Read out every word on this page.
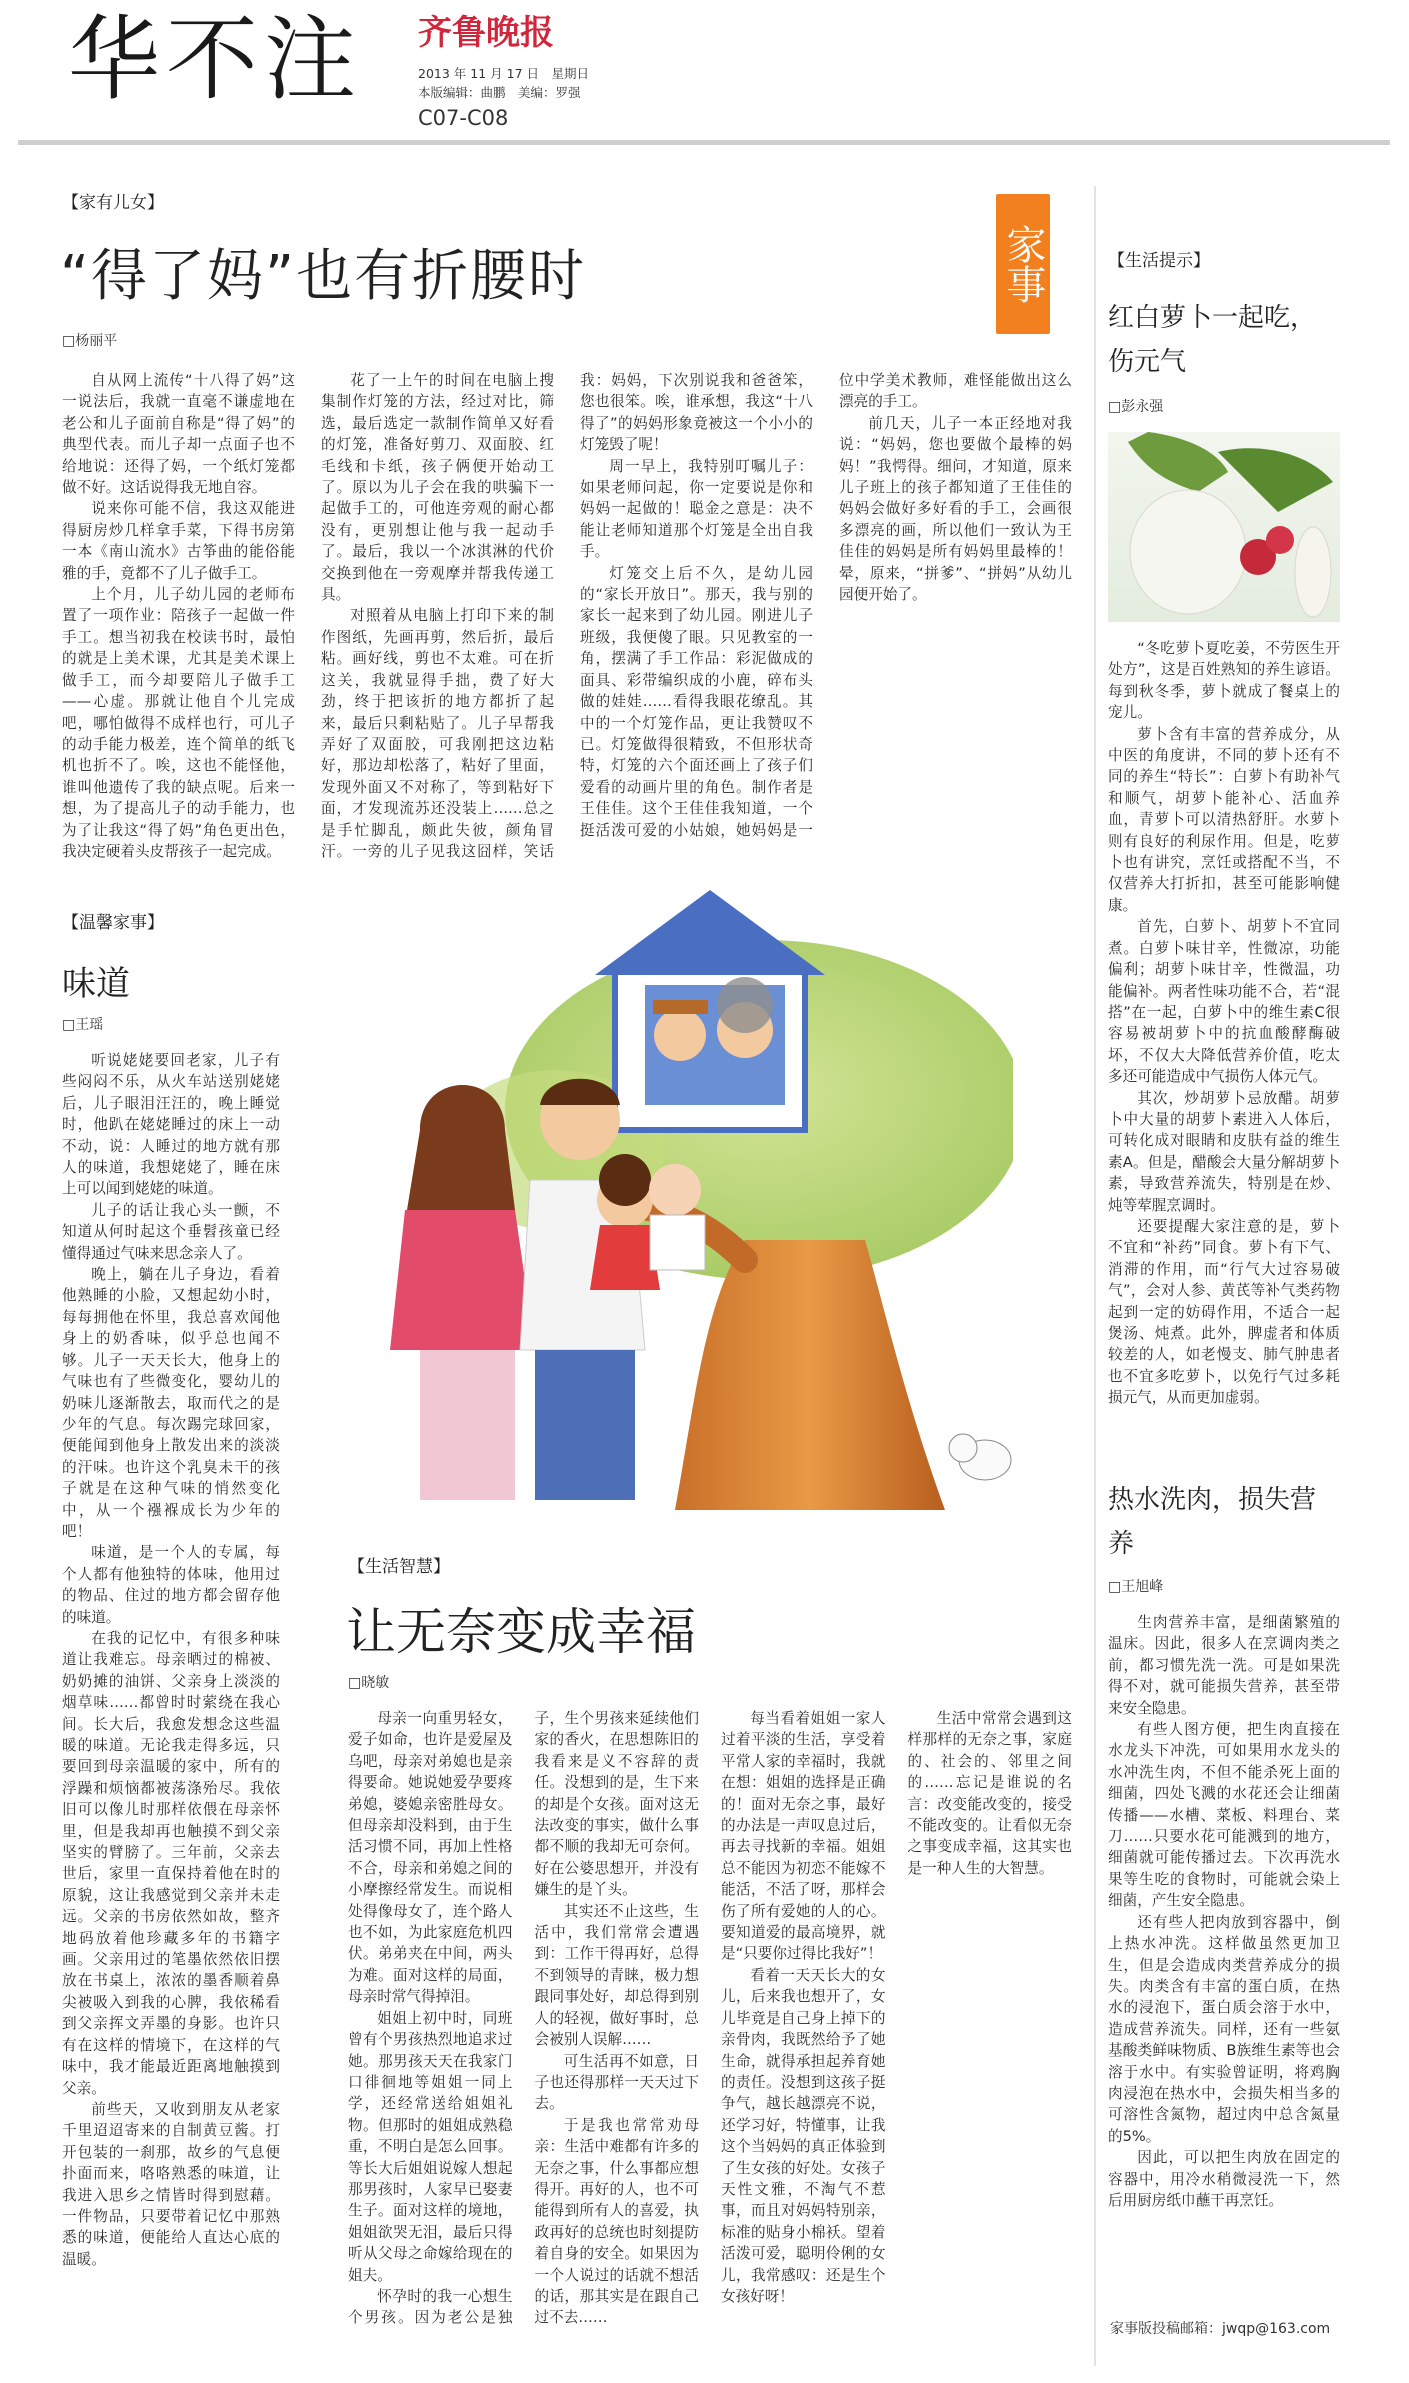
华不注 齐鲁晚报
2013 年 11 月 17 日　星期日
本版编辑：曲鹏　美编：罗强
C07-C08
家事
【家有儿女】
“得了妈”也有折腰时
□杨丽平

自从网上流传“十八得了妈”这一说法后，我就一直毫不谦虚地在老公和儿子面前自称是“得了妈”的典型代表。而儿子却一点面子也不给地说：还得了妈，一个纸灯笼都做不好。这话说得我无地自容。

说来你可能不信，我这双能进得厨房炒几样拿手菜，下得书房第一本《南山流水》古筝曲的能俗能雅的手，竟都不了儿子做手工。

上个月，儿子幼儿园的老师布置了一项作业：陪孩子一起做一件手工。想当初我在校读书时，最怕的就是上美术课，尤其是美术课上做手工，而今却要陪儿子做手工——心虚。那就让他自个儿完成吧，哪怕做得不成样也行，可儿子的动手能力极差，连个简单的纸飞机也折不了。唉，这也不能怪他，谁叫他遗传了我的缺点呢。后来一想，为了提高儿子的动手能力，也为了让我这“得了妈”角色更出色，我决定硬着头皮帮孩子一起完成。

花了一上午的时间在电脑上搜集制作灯笼的方法，经过对比，筛选，最后选定一款制作简单又好看的灯笼，准备好剪刀、双面胶、红毛线和卡纸，孩子俩便开始动工了。原以为儿子会在我的哄骗下一起做手工的，可他连旁观的耐心都没有，更别想让他与我一起动手了。最后，我以一个冰淇淋的代价交换到他在一旁观摩并帮我传递工具。

对照着从电脑上打印下来的制作图纸，先画再剪，然后折，最后粘。画好线，剪也不太难。可在折这关，我就显得手拙，费了好大劲，终于把该折的地方都折了起来，最后只剩粘贴了。儿子早帮我弄好了双面胶，可我刚把这边粘好，那边却松落了，粘好了里面，发现外面又不对称了，等到粘好下面，才发现流苏还没装上……总之是手忙脚乱，颇此失彼，颜角冒汗。一旁的儿子见我这囧样，笑话我：妈妈，下次别说我和爸爸笨，您也很笨。唉，谁承想，我这“十八得了”的妈妈形象竟被这一个小小的灯笼毁了呢！

周一早上，我特别叮嘱儿子：如果老师问起，你一定要说是你和妈妈一起做的！聪金之意是：决不能让老师知道那个灯笼是全出自我手。

灯笼交上后不久，是幼儿园的“家长开放日”。那天，我与别的家长一起来到了幼儿园。刚进儿子班级，我便傻了眼。只见教室的一角，摆满了手工作品：彩泥做成的面具、彩带编织成的小鹿，碎布头做的娃娃……看得我眼花缭乱。其中的一个灯笼作品，更让我赞叹不已。灯笼做得很精致，不但形状奇特，灯笼的六个面还画上了孩子们爱看的动画片里的角色。制作者是王佳佳。这个王佳佳我知道，一个挺活泼可爱的小姑娘，她妈妈是一位中学美术教师，难怪能做出这么漂亮的手工。

前几天，儿子一本正经地对我说：“妈妈，您也要做个最棒的妈妈！”我愕得。细问，才知道，原来儿子班上的孩子都知道了王佳佳的妈妈会做好多好看的手工，会画很多漂亮的画，所以他们一致认为王佳佳的妈妈是所有妈妈里最棒的！晕，原来，“拼爹”、“拼妈”从幼儿园便开始了。

【温馨家事】
味道
□王瑶

听说姥姥要回老家，儿子有些闷闷不乐，从火车站送别姥姥后，儿子眼泪汪汪的，晚上睡觉时，他趴在姥姥睡过的床上一动不动，说：人睡过的地方就有那人的味道，我想姥姥了，睡在床上可以闻到姥姥的味道。

儿子的话让我心头一颤，不知道从何时起这个垂髫孩童已经懂得通过气味来思念亲人了。

晚上，躺在儿子身边，看着他熟睡的小脸，又想起幼小时，每每拥他在怀里，我总喜欢闻他身上的奶香味，似乎总也闻不够。儿子一天天长大，他身上的气味也有了些微变化，婴幼儿的奶味儿逐渐散去，取而代之的是少年的气息。每次踢完球回家，便能闻到他身上散发出来的淡淡的汗味。也许这个乳臭未干的孩子就是在这种气味的悄然变化中，从一个襁褓成长为少年的吧！

味道，是一个人的专属，每个人都有他独特的体味，他用过的物品、住过的地方都会留存他的味道。

在我的记忆中，有很多种味道让我难忘。母亲晒过的棉被、奶奶摊的油饼、父亲身上淡淡的烟草味……都曾时时萦绕在我心间。长大后，我愈发想念这些温暖的味道。无论我走得多远，只要回到母亲温暖的家中，所有的浮躁和烦恼都被荡涤殆尽。我依旧可以像儿时那样依偎在母亲怀里，但是我却再也触摸不到父亲坚实的臂膀了。三年前，父亲去世后，家里一直保持着他在时的原貌，这让我感觉到父亲并未走远。父亲的书房依然如故，整齐地码放着他珍藏多年的书籍字画。父亲用过的笔墨依然依旧摆放在书桌上，浓浓的墨香顺着鼻尖被吸入到我的心脾，我依稀看到父亲挥文弄墨的身影。也许只有在这样的情境下，在这样的气味中，我才能最近距离地触摸到父亲。

前些天，又收到朋友从老家千里迢迢寄来的自制黄豆酱。打开包装的一刹那，故乡的气息便扑面而来，咯咯熟悉的味道，让我进入思乡之情皆时得到慰藉。一件物品，只要带着记忆中那熟悉的味道，便能给人直达心底的温暖。

【生活智慧】
让无奈变成幸福
□晓敏

母亲一向重男轻女，爱子如命，也许是爱屋及乌吧，母亲对弟媳也是亲得要命。她说她爱孕要疼弟媳，婆媳亲密胜母女。但母亲却没料到，由于生活习惯不同，再加上性格不合，母亲和弟媳之间的小摩擦经常发生。而说相处得像母女了，连个路人也不如，为此家庭危机四伏。弟弟夹在中间，两头为难。面对这样的局面，母亲时常气得掉泪。

姐姐上初中时，同班曾有个男孩热烈地追求过她。那男孩天天在我家门口徘徊地等姐姐一同上学，还经常送给姐姐礼物。但那时的姐姐成熟稳重，不明白是怎么回事。等长大后姐姐说嫁人想起那男孩时，人家早已娶妻生子。面对这样的境地，姐姐欲哭无泪，最后只得听从父母之命嫁给现在的姐夫。

怀孕时的我一心想生个男孩。因为老公是独子，生个男孩来延续他们家的香火，在思想陈旧的我看来是义不容辞的责任。没想到的是，生下来的却是个女孩。面对这无法改变的事实，做什么事都不顺的我却无可奈何。好在公婆思想开，并没有嫌生的是丫头。

其实还不止这些，生活中，我们常常会遭遇到：工作干得再好，总得不到领导的青睐，极力想跟同事处好，却总得到别人的轻视，做好事时，总会被别人误解……

可生活再不如意，日子也还得那样一天天过下去。

于是我也常常劝母亲：生活中难都有许多的无奈之事，什么事都应想得开。再好的人，也不可能得到所有人的喜爱，执政再好的总统也时刻提防着自身的安全。如果因为一个人说过的话就不想活的话，那其实是在跟自己过不去……

每当看着姐姐一家人过着平淡的生活，享受着平常人家的幸福时，我就在想：姐姐的选择是正确的！面对无奈之事，最好的办法是一声叹息过后，再去寻找新的幸福。姐姐总不能因为初恋不能嫁不能活，不活了呀，那样会伤了所有爱她的人的心。要知道爱的最高境界，就是“只要你过得比我好”！

看着一天天长大的女儿，后来我也想开了，女儿毕竟是自己身上掉下的亲骨肉，我既然给予了她生命，就得承担起养育她的责任。没想到这孩子挺争气，越长越漂亮不说，还学习好，特懂事，让我这个当妈妈的真正体验到了生女孩的好处。女孩子天性文雅，不淘气不惹事，而且对妈妈特别亲，标准的贴身小棉袄。望着活泼可爱，聪明伶俐的女儿，我常感叹：还是生个女孩好呀！

生活中常常会遇到这样那样的无奈之事，家庭的、社会的、邻里之间的……忘记是谁说的名言：改变能改变的，接受不能改变的。让看似无奈之事变成幸福，这其实也是一种人生的大智慧。

【生活提示】
红白萝卜一起吃，伤元气
□彭永强

“冬吃萝卜夏吃姜，不劳医生开处方”，这是百姓熟知的养生谚语。每到秋冬季，萝卜就成了餐桌上的宠儿。

萝卜含有丰富的营养成分，从中医的角度讲，不同的萝卜还有不同的养生“特长”：白萝卜有助补气和顺气，胡萝卜能补心、活血养血，青萝卜可以清热舒肝。水萝卜则有良好的利尿作用。但是，吃萝卜也有讲究，烹饪或搭配不当，不仅营养大打折扣，甚至可能影响健康。

首先，白萝卜、胡萝卜不宜同煮。白萝卜味甘辛，性微凉，功能偏利；胡萝卜味甘辛，性微温，功能偏补。两者性味功能不合，若“混搭”在一起，白萝卜中的维生素C很容易被胡萝卜中的抗血酸酵酶破坏，不仅大大降低营养价值，吃太多还可能造成中气损伤人体元气。

其次，炒胡萝卜忌放醋。胡萝卜中大量的胡萝卜素进入人体后，可转化成对眼睛和皮肤有益的维生素A。但是，醋酸会大量分解胡萝卜素，导致营养流失，特别是在炒、炖等荤腥烹调时。

还要提醒大家注意的是，萝卜不宜和“补药”同食。萝卜有下气、消滞的作用，而“行气大过容易破气”，会对人参、黄芪等补气类药物起到一定的妨碍作用，不适合一起煲汤、炖煮。此外，脾虚者和体质较差的人，如老慢支、肺气肿患者也不宜多吃萝卜，以免行气过多耗损元气，从而更加虚弱。

热水洗肉，损失营养
□王旭峰

生肉营养丰富，是细菌繁殖的温床。因此，很多人在烹调肉类之前，都习惯先洗一洗。可是如果洗得不对，就可能损失营养，甚至带来安全隐患。

有些人图方便，把生肉直接在水龙头下冲洗，可如果用水龙头的水冲洗生肉，不但不能杀死上面的细菌，四处飞溅的水花还会让细菌传播——水槽、菜板、料理台、菜刀……只要水花可能溅到的地方，细菌就可能传播过去。下次再洗水果等生吃的食物时，可能就会染上细菌，产生安全隐患。

还有些人把肉放到容器中，倒上热水冲洗。这样做虽然更加卫生，但是会造成肉类营养成分的损失。肉类含有丰富的蛋白质，在热水的浸泡下，蛋白质会溶于水中，造成营养流失。同样，还有一些氨基酸类鲜味物质、B族维生素等也会溶于水中。有实验曾证明，将鸡胸肉浸泡在热水中，会损失相当多的可溶性含氮物，超过肉中总含氮量的5%。

因此，可以把生肉放在固定的容器中，用冷水稍微浸洗一下，然后用厨房纸巾蘸干再烹饪。

家事版投稿邮箱：jwqp@163.com
